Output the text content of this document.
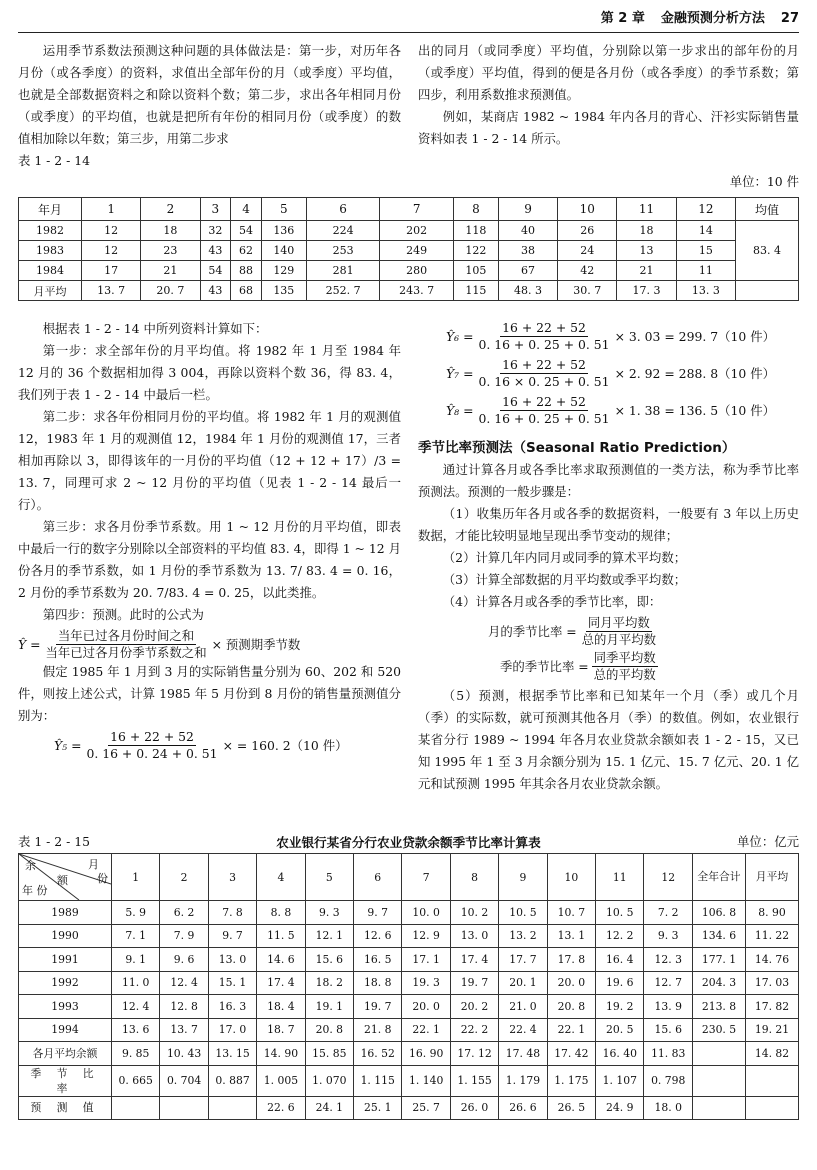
第 2 章 金融预测分析方法 27

运用季节系数法预测这种问题的具体做法是：第一步，对历年各月份（或各季度）的资料，求值出全部年份的月（或季度）平均值，也就是全部数据资料之和除以资料个数；第二步，求出各年相同月份（或季度）的平均值，也就是把所有年份的相同月份（或季度）的数值相加除以年数；第三步，用第二步求

表 1 - 2 - 14

出的同月（或同季度）平均值，分别除以第一步求出的部年份的月（或季度）平均值，得到的便是各月份（或各季度）的季节系数；第四步，利用系数推求预测值。

例如，某商店 1982 ~ 1984 年内各月的背心、汗衫实际销售量资料如表 1 - 2 - 14 所示。

单位：10 件
年月	1	2	3	4	5	6	7	8	9	10	11	12	均值
1982	12	18	32	54	136	224	202	118	40	26	18	14	83. 4
1983	12	23	43	62	140	253	249	122	38	24	13	15	
1984	17	21	54	88	129	281	280	105	67	42	21	11	
月平均	13. 7	20. 7	43	68	135	252. 7	243. 7	115	48. 3	30. 7	17. 3	13. 3	

根据表 1 - 2 - 14 中所列资料计算如下：

第一步：求全部年份的月平均值。将 1982 年 1 月至 1984 年 12 月的 36 个数据相加得 3 004，再除以资料个数 36，得 83. 4，我们列于表 1 - 2 - 14 中最后一栏。

第二步：求各年份相同月份的平均值。将 1982 年 1 月的观测值 12，1983 年 1 月的观测值 12，1984 年 1 月份的观测值 17，三者相加再除以 3，即得该年的一月份的平均值（12 + 12 + 17）/3 = 13. 7，同理可求 2 ~ 12 月份的平均值（见表 1 - 2 - 14 最后一行）。

第三步：求各月份季节系数。用 1 ~ 12 月份的月平均值，即表中最后一行的数字分别除以全部资料的平均值 83. 4，即得 1 ~ 12 月份各月的季节系数，如 1 月份的季节系数为 13. 7/ 83. 4 = 0. 16，2 月份的季节系数为 20. 7/83. 4 = 0. 25，以此类推。

第四步：预测。此时的公式为

Ŷ = $\frac{\text{当年已过各月份时间之和}}{\text{当年已过各月份季节系数之和}}$ × 预测期季节数

假定 1985 年 1 月到 3 月的实际销售量分别为 60、202 和 520 件，则按上述公式，计算 1985 年 5 月份到 8 月份的销售量预测值分别为：

Ŷ₅ = $\frac{16 + 22 + 52}{0. 16 + 0. 24 + 0. 51}$ × = 160. 2（10 件）
Ŷ₆ = $\frac{16 + 22 + 52}{0. 16 + 0. 25 + 0. 51} \times 3$. 03 = 299. 7（10 件）
Ŷ₇ = $\frac{16 + 22 + 52}{0. 16 \times 0. 25 + 0. 51} \times 2$. 92 = 288. 8（10 件）
Ŷ₈ = $\frac{16 + 22 + 52}{0. 16 + 0. 25 + 0. 51} \times 1$. 38 = 136. 5（10 件）

季节比率预测法（Seasonal Ratio Prediction）

通过计算各月或各季比率求取预测值的一类方法，称为季节比率预测法。预测的一般步骤是：

（1）收集历年各月或各季的数据资料，一般要有 3 年以上历史数据，才能比较明显地呈现出季节变动的规律；

（2）计算几年内同月或同季的算术平均数；

（3）计算全部数据的月平均数或季平均数；

（4）计算各月或各季的季节比率，即：

月的季节比率 = $\frac{\text{同月平均数}}{\text{总的月平均数}}$
季的季节比率 = $\frac{\text{同季平均数}}{\text{总的平均数}}$

（5）预测，根据季节比率和已知某年一个月（季）或几个月（季）的实际数，就可预测其他各月（季）的数值。例如，农业银行某省分行 1989 ~ 1994 年各月农业贷款余额如表 1 - 2 - 15，又已知 1995 年 1 至 3 月余额分别为 15. 1 亿元、15. 7 亿元、20. 1 亿元和试预测 1995 年其余各月农业贷款余额。

表 1 - 2 - 15	农业银行某省分行农业贷款余额季节比率计算表	单位：亿元
余
额
月
份
年 份	1	2	3	4	5	6	7	8	9	10	11	12	全年合计	月平均
1989	5. 9	6. 2	7. 8	8. 8	9. 3	9. 7	10. 0	10. 2	10. 5	10. 7	10. 5	7. 2	106. 8	8. 90
1990	7. 1	7. 9	9. 7	11. 5	12. 1	12. 6	12. 9	13. 0	13. 2	13. 1	12. 2	9. 3	134. 6	11. 22
1991	9. 1	9. 6	13. 0	14. 6	15. 6	16. 5	17. 1	17. 4	17. 7	17. 8	16. 4	12. 3	177. 1	14. 76
1992	11. 0	12. 4	15. 1	17. 4	18. 2	18. 8	19. 3	19. 7	20. 1	20. 0	19. 6	12. 7	204. 3	17. 03
1993	12. 4	12. 8	16. 3	18. 4	19. 1	19. 7	20. 0	20. 2	21. 0	20. 8	19. 2	13. 9	213. 8	17. 82
1994	13. 6	13. 7	17. 0	18. 7	20. 8	21. 8	22. 1	22. 2	22. 4	22. 1	20. 5	15. 6	230. 5	19. 21
各月平均余额	9. 85	10. 43	13. 15	14. 90	15. 85	16. 52	16. 90	17. 12	17. 48	17. 42	16. 40	11. 83		14. 82
季 节 比 率	0. 665	0. 704	0. 887	1. 005	1. 070	1. 115	1. 140	1. 155	1. 179	1. 175	1. 107	0. 798		
预 测 值				22. 6	24. 1	25. 1	25. 7	26. 0	26. 6	26. 5	24. 9	18. 0		
